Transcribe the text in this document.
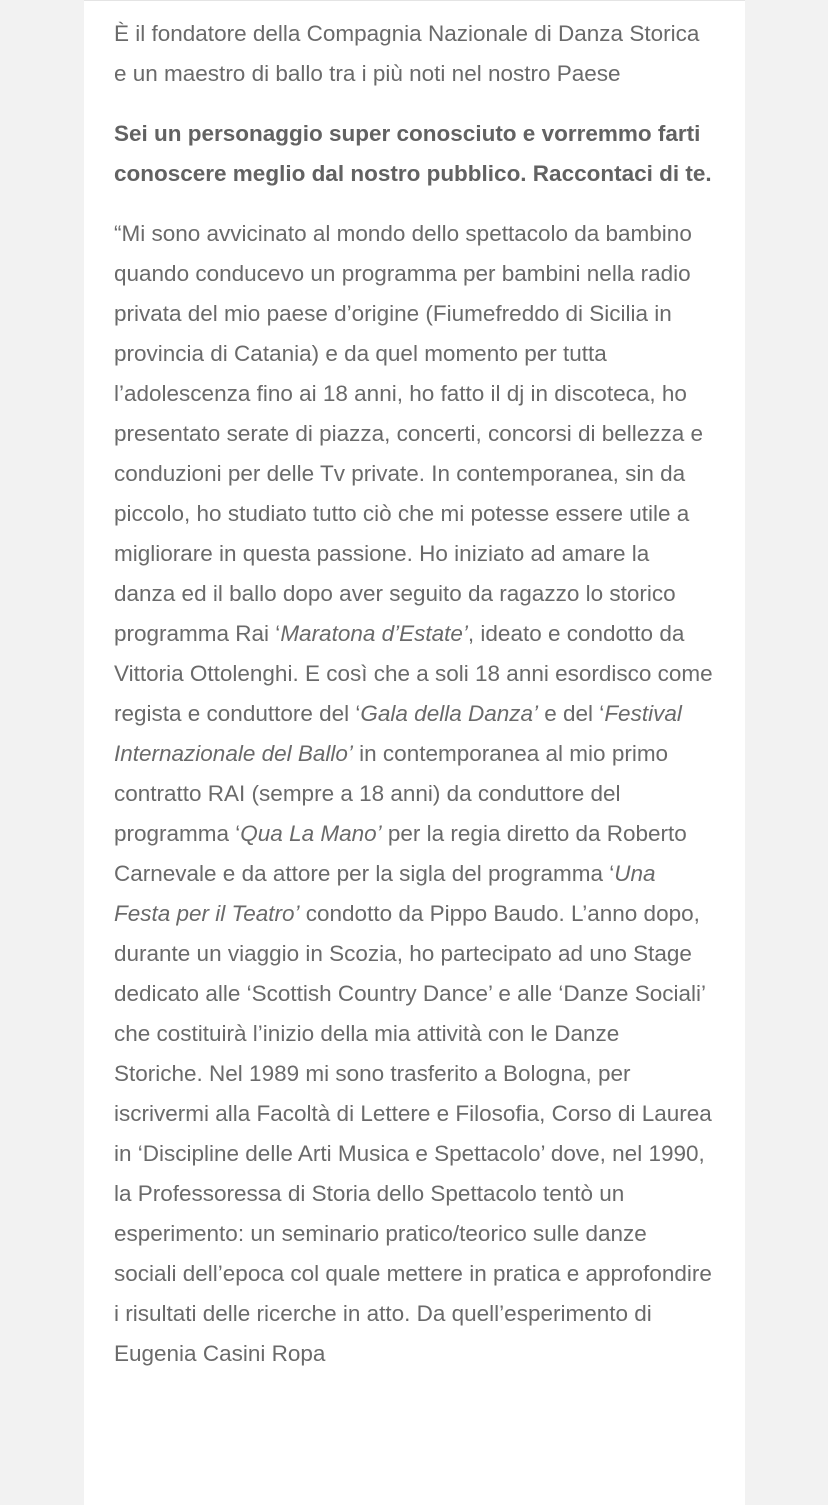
È il fondatore della Compagnia Nazionale di Danza Storica e un maestro di ballo tra i più noti nel nostro Paese

Sei un personaggio super conosciuto e vorremmo farti conoscere meglio dal nostro pubblico. Raccontaci di te.

“Mi sono avvicinato al mondo dello spettacolo da bambino quando conducevo un programma per bambini nella radio privata del mio paese d’origine (Fiumefreddo di Sicilia in provincia di Catania) e da quel momento per tutta l’adolescenza fino ai 18 anni, ho fatto il dj in discoteca, ho presentato serate di piazza, concerti, concorsi di bellezza e conduzioni per delle Tv private. In contemporanea, sin da piccolo, ho studiato tutto ciò che mi potesse essere utile a migliorare in questa passione. Ho iniziato ad amare la danza ed il ballo dopo aver seguito da ragazzo lo storico programma Rai ‘Maratona d’Estate’, ideato e condotto da Vittoria Ottolenghi. E così che a soli 18 anni esordisco come regista e conduttore del ‘Gala della Danza’ e del ‘Festival Internazionale del Ballo’ in contemporanea al mio primo contratto RAI (sempre a 18 anni) da conduttore del programma ‘Qua La Mano’ per la regia diretto da Roberto Carnevale e da attore per la sigla del programma ‘Una Festa per il Teatro’ condotto da Pippo Baudo. L’anno dopo, durante un viaggio in Scozia, ho partecipato ad uno Stage dedicato alle ‘Scottish Country Dance’ e alle ‘Danze Sociali’ che costituirà l’inizio della mia attività con le Danze Storiche. Nel 1989 mi sono trasferito a Bologna, per iscrivermi alla Facoltà di Lettere e Filosofia, Corso di Laurea in ‘Discipline delle Arti Musica e Spettacolo’ dove, nel 1990, la Professoressa di Storia dello Spettacolo tentò un esperimento: un seminario pratico/teorico sulle danze sociali dell’epoca col quale mettere in pratica e approfondire i risultati delle ricerche in atto. Da quell’esperimento di Eugenia Casini Ropa
